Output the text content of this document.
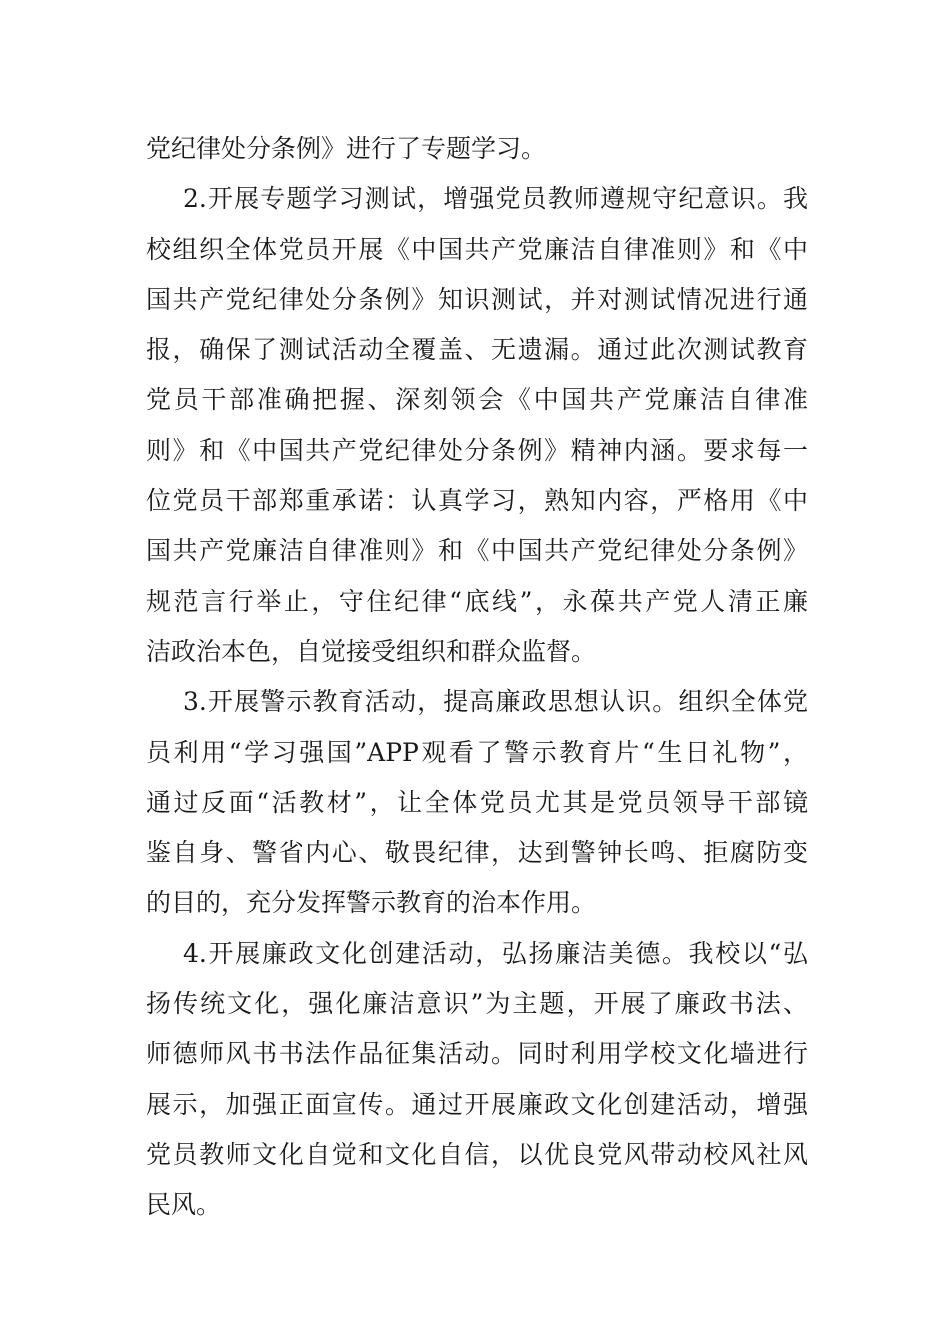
党纪律处分条例》进行了专题学习。
2.开展专题学习测试，增强党员教师遵规守纪意识。我
校组织全体党员开展《中国共产党廉洁自律准则》和《中
国共产党纪律处分条例》知识测试，并对测试情况进行通
报，确保了测试活动全覆盖、无遗漏。通过此次测试教育
党员干部准确把握、深刻领会《中国共产党廉洁自律准
则》和《中国共产党纪律处分条例》精神内涵。要求每一
位党员干部郑重承诺：认真学习，熟知内容，严格用《中
国共产党廉洁自律准则》和《中国共产党纪律处分条例》
规范言行举止，守住纪律“底线”，永葆共产党人清正廉
洁政治本色，自觉接受组织和群众监督。
3.开展警示教育活动，提高廉政思想认识。组织全体党
员利用“学习强国”APP观看了警示教育片“生日礼物”，
通过反面“活教材”，让全体党员尤其是党员领导干部镜
鉴自身、警省内心、敬畏纪律，达到警钟长鸣、拒腐防变
的目的，充分发挥警示教育的治本作用。
4.开展廉政文化创建活动，弘扬廉洁美德。我校以“弘
扬传统文化，强化廉洁意识”为主题，开展了廉政书法、
师德师风书书法作品征集活动。同时利用学校文化墙进行
展示，加强正面宣传。通过开展廉政文化创建活动，增强
党员教师文化自觉和文化自信，以优良党风带动校风社风
民风。
